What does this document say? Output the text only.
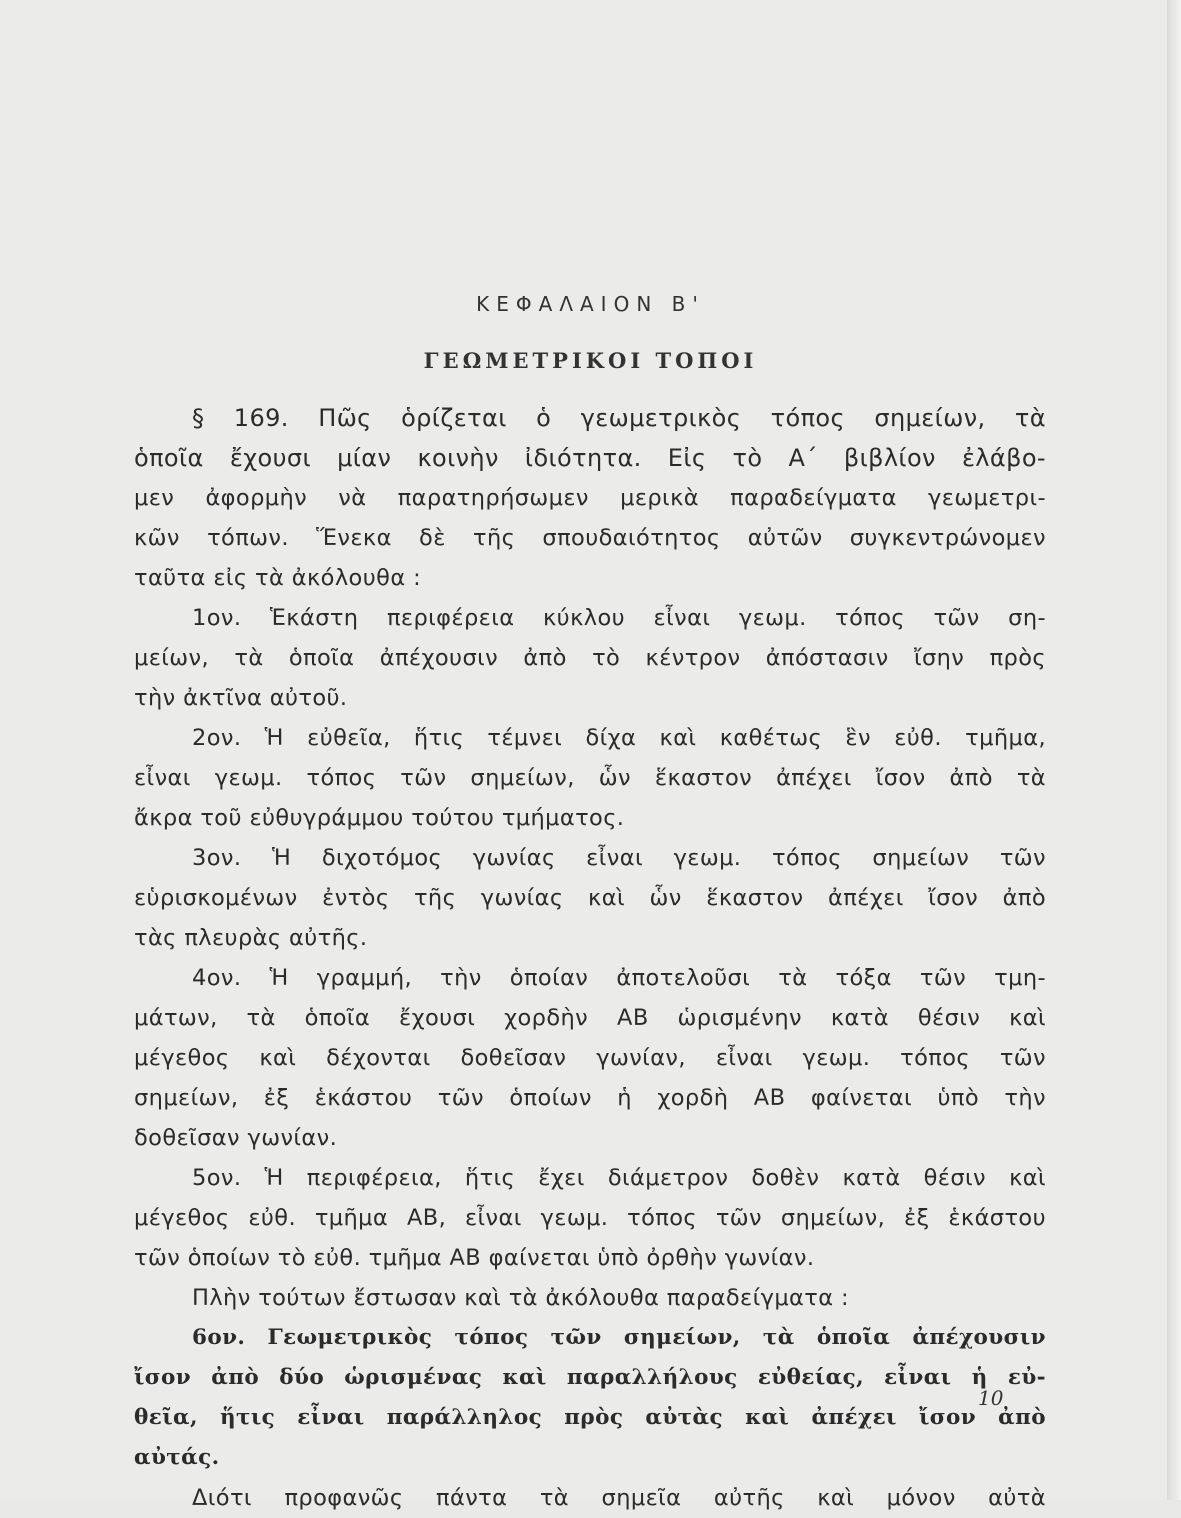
ΚΕΦΑΛΑΙΟΝ Β'
ΓΕΩΜΕΤΡΙΚΟΙ ΤΟΠΟΙ
§ 169. Πῶς ὁρίζεται ὁ γεωμετρικὸς τόπος σημείων, τὰ
ὁποῖα ἔχουσι μίαν κοινὴν ἰδιότητα. Εἰς τὸ Α΄ βιβλίον ἐλάβο-
μεν ἀφορμὴν νὰ παρατηρήσωμεν μερικὰ παραδείγματα γεωμετρι-
κῶν τόπων. Ἕνεκα δὲ τῆς σπουδαιότητος αὐτῶν συγκεντρώνομεν
ταῦτα εἰς τὰ ἀκόλουθα :
1ον. Ἑκάστη περιφέρεια κύκλου εἶναι γεωμ. τόπος τῶν ση-
μείων, τὰ ὁποῖα ἀπέχουσιν ἀπὸ τὸ κέντρον ἀπόστασιν ἴσην πρὸς
τὴν ἀκτῖνα αὐτοῦ.
2ον. Ἡ εὐθεῖα, ἥτις τέμνει δίχα καὶ καθέτως ἓν εὐθ. τμῆμα,
εἶναι γεωμ. τόπος τῶν σημείων, ὧν ἕκαστον ἀπέχει ἴσον ἀπὸ τὰ
ἄκρα τοῦ εὐθυγράμμου τούτου τμήματος.
3ον. Ἡ διχοτόμος γωνίας εἶναι γεωμ. τόπος σημείων τῶν
εὑρισκομένων ἐντὸς τῆς γωνίας καὶ ὧν ἕκαστον ἀπέχει ἴσον ἀπὸ
τὰς πλευρὰς αὐτῆς.
4ον. Ἡ γραμμή, τὴν ὁποίαν ἀποτελοῦσι τὰ τόξα τῶν τμη-
μάτων, τὰ ὁποῖα ἔχουσι χορδὴν ΑΒ ὡρισμένην κατὰ θέσιν καὶ
μέγεθος καὶ δέχονται δοθεῖσαν γωνίαν, εἶναι γεωμ. τόπος τῶν
σημείων, ἐξ ἑκάστου τῶν ὁποίων ἡ χορδὴ ΑΒ φαίνεται ὑπὸ τὴν
δοθεῖσαν γωνίαν.
5ον. Ἡ περιφέρεια, ἥτις ἔχει διάμετρον δοθὲν κατὰ θέσιν καὶ
μέγεθος εὐθ. τμῆμα ΑΒ, εἶναι γεωμ. τόπος τῶν σημείων, ἐξ ἑκάστου
τῶν ὁποίων τὸ εὐθ. τμῆμα ΑΒ φαίνεται ὑπὸ ὀρθὴν γωνίαν.
Πλὴν τούτων ἔστωσαν καὶ τὰ ἀκόλουθα παραδείγματα :
6ον. Γεωμετρικὸς τόπος τῶν σημείων, τὰ ὁποῖα ἀπέχουσιν
ἴσον ἀπὸ δύο ὡρισμένας καὶ παραλλήλους εὐθείας, εἶναι ἡ εὐ-
θεῖα, ἥτις εἶναι παράλληλος πρὸς αὐτὰς καὶ ἀπέχει ἴσον ἀπὸ
αὐτάς.
Διότι προφανῶς πάντα τὰ σημεῖα αὐτῆς καὶ μόνον αὐτὰ
10
